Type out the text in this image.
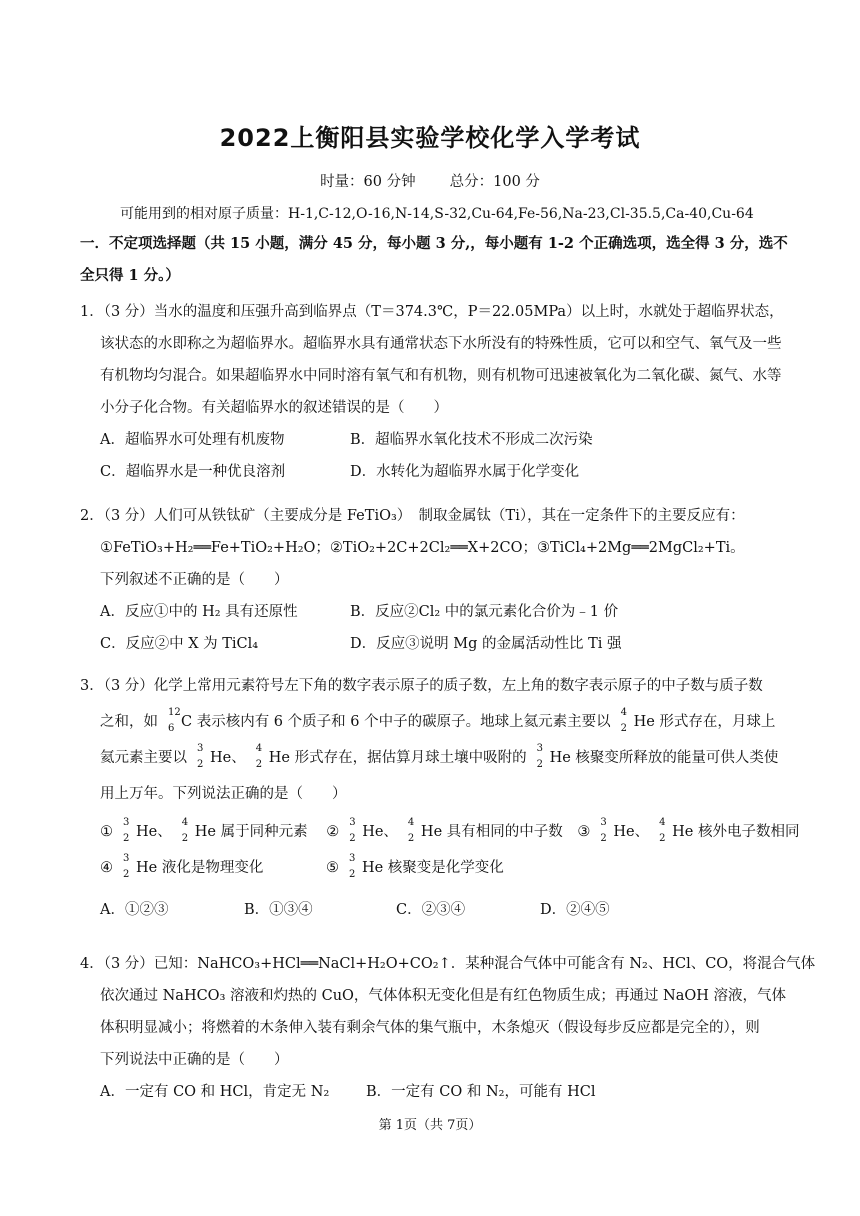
2022上衡阳县实验学校化学入学考试
时量：60 分钟 总分：100 分
可能用到的相对原子质量：H-1,C-12,O-16,N-14,S-32,Cu-64,Fe-56,Na-23,Cl-35.5,Ca-40,Cu-64
一．不定项选择题（共 15 小题，满分 45 分，每小题 3 分,，每小题有 1-2 个正确选项，选全得 3 分，选不全只得 1 分。）
1．（3 分）当水的温度和压强升高到临界点（T＝374.3℃，P＝22.05MPa）以上时，水就处于超临界状态，该状态的水即称之为超临界水。超临界水具有通常状态下水所没有的特殊性质，它可以和空气、氧气及一些有机物均匀混合。如果超临界水中同时溶有氧气和有机物，则有机物可迅速被氧化为二氧化碳、氮气、水等小分子化合物。有关超临界水的叙述错误的是（　　）
A．超临界水可处理有机废物	B．超临界水氧化技术不形成二次污染
C．超临界水是一种优良溶剂	D．水转化为超临界水属于化学变化
2．（3 分）人们可从铁钛矿（主要成分是 FeTiO₃）　制取金属钛（Ti），其在一定条件下的主要反应有：
①FeTiO₃+H₂══Fe+TiO₂+H₂O；②TiO₂+2C+2Cl₂══X+2CO；③TiCl₄+2Mg══2MgCl₂+Ti。
下列叙述不正确的是（　　）
A．反应①中的 H₂ 具有还原性	B．反应②Cl₂ 中的氯元素化合价为﹣1 价
C．反应②中 X 为 TiCl₄	D．反应③说明 Mg 的金属活动性比 Ti 强
3．（3 分）化学上常用元素符号左下角的数字表示原子的质子数，左上角的数字表示原子的中子数与质子数
之和，如
12
6 C 表示核内有 6 个质子和 6 个中子的碳原子。地球上氦元素主要以
4
2 He 形式存在，月球上
氦元素主要以
3
2 He、
4
2 He 形式存在，据估算月球土壤中吸附的
3
2 He 核聚变所释放的能量可供人类使
用上万年。下列说法正确的是（　　）
①
3
2 He、
4
2 He 属于同种元素 ②
3
2 He、
4
2 He 具有相同的中子数 ③
3
2 He、
4
2 He 核外电子数相同
④
3
2 He 液化是物理变化	⑤
3
2 He 核聚变是化学变化
A．①②③	B．①③④	C．②③④	D．②④⑤
4．（3 分）已知：NaHCO₃+HCl══NaCl+H₂O+CO₂↑．某种混合气体中可能含有 N₂、HCl、CO，将混合气体
依次通过 NaHCO₃ 溶液和灼热的 CuO，气体体积无变化但是有红色物质生成；再通过 NaOH 溶液，气体
体积明显减小；将燃着的木条伸入装有剩余气体的集气瓶中，木条熄灭（假设每步反应都是完全的），则
下列说法中正确的是（　　）
A．一定有 CO 和 HCl，肯定无 N₂	B．一定有 CO 和 N₂，可能有 HCl
第 1页（共 7页）
